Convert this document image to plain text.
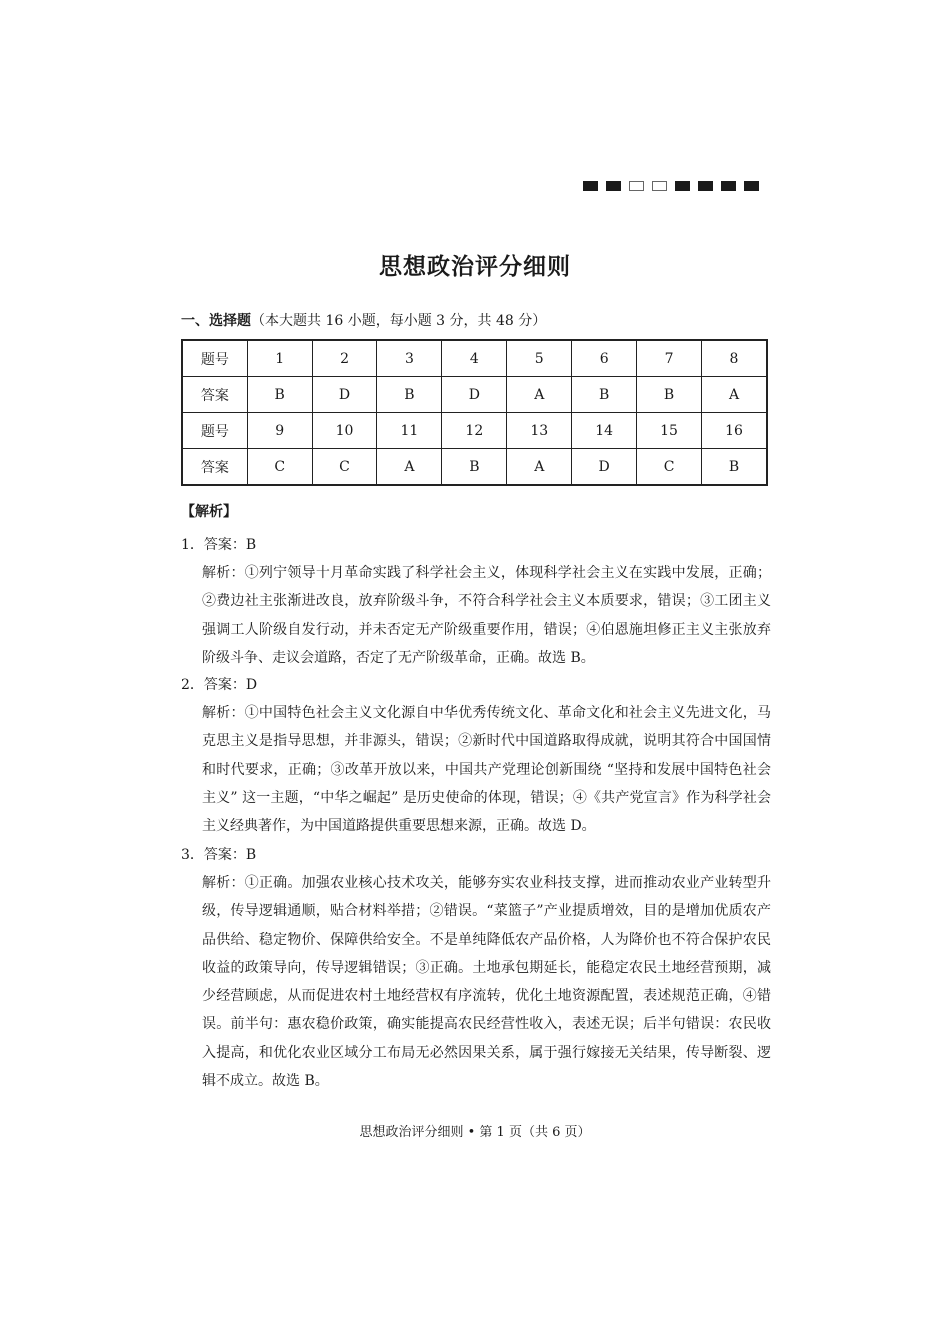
思想政治评分细则
一、选择题（本大题共 16 小题，每小题 3 分，共 48 分）
题号	1	2	3	4	5	6	7	8
答案	B	D	B	D	A	B	B	A
题号	9	10	11	12	13	14	15	16
答案	C	C	A	B	A	D	C	B
【解析】
1．答案：B
解析：①列宁领导十月革命实践了科学社会主义，体现科学社会主义在实践中发展，正确；②费边社主张渐进改良，放弃阶级斗争，不符合科学社会主义本质要求，错误；③工团主义强调工人阶级自发行动，并未否定无产阶级重要作用，错误；④伯恩施坦修正主义主张放弃阶级斗争、走议会道路，否定了无产阶级革命，正确。故选 B。
2．答案：D
解析：①中国特色社会主义文化源自中华优秀传统文化、革命文化和社会主义先进文化，马克思主义是指导思想，并非源头，错误；②新时代中国道路取得成就，说明其符合中国国情和时代要求，正确；③改革开放以来，中国共产党理论创新围绕 “坚持和发展中国特色社会主义” 这一主题，“中华之崛起” 是历史使命的体现，错误；④《共产党宣言》作为科学社会主义经典著作，为中国道路提供重要思想来源，正确。故选 D。
3．答案：B
解析：①正确。加强农业核心技术攻关，能够夯实农业科技支撑，进而推动农业产业转型升级，传导逻辑通顺，贴合材料举措；②错误。“菜篮子”产业提质增效，目的是增加优质农产品供给、稳定物价、保障供给安全。不是单纯降低农产品价格，人为降价也不符合保护农民收益的政策导向，传导逻辑错误；③正确。土地承包期延长，能稳定农民土地经营预期，减少经营顾虑，从而促进农村土地经营权有序流转，优化土地资源配置，表述规范正确，④错误。前半句：惠农稳价政策，确实能提高农民经营性收入，表述无误；后半句错误：农民收入提高，和优化农业区域分工布局无必然因果关系，属于强行嫁接无关结果，传导断裂、逻辑不成立。故选 B。
思想政治评分细则 • 第 1 页（共 6 页）
